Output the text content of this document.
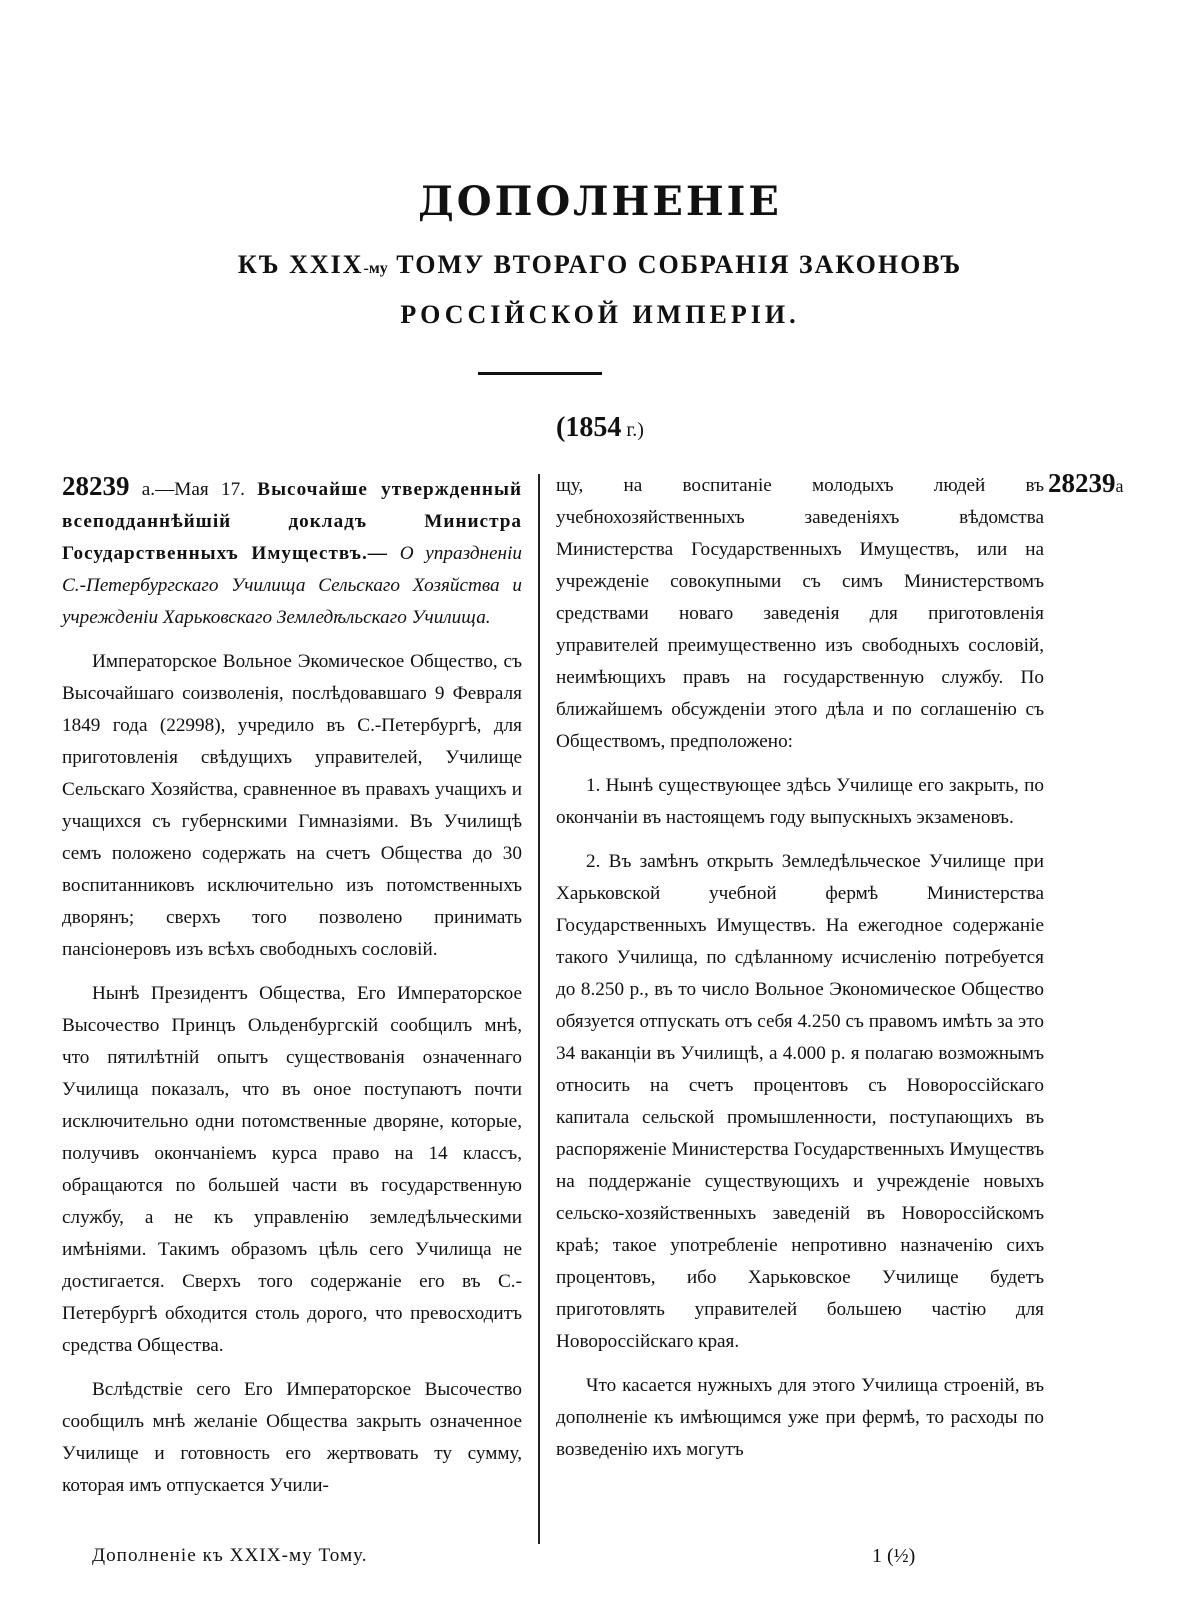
ДОПОЛНЕНІЕ
КЪ XXIX-му ТОМУ ВТОРАГО СОБРАНІЯ ЗАКОНОВЪ
РОССІЙСКОЙ ИМПЕРІИ.
(1854 г.)

28239 а.—Мая 17. Высочайше утвержденный всеподданнѣйшій докладъ Министра Государственныхъ Имуществъ.— О упраздненіи С.-Петербургскаго Училища Сельскаго Хозяйства и учрежденіи Харьковскаго Земледѣльскаго Училища.

Императорское Вольное Экомическое Общество, съ Высочайшаго соизволенія, послѣдовавшаго 9 Февраля 1849 года (22998), учредило въ С.-Петербургѣ, для приготовленія свѣдущихъ управителей, Училище Сельскаго Хозяйства, сравненное въ правахъ учащихъ и учащихся съ губернскими Гимназіями. Въ Училищѣ семъ положено содержать на счетъ Общества до 30 воспитанниковъ исключительно изъ потомственныхъ дворянъ; сверхъ того позволено принимать пансіонеровъ изъ всѣхъ свободныхъ сословій.

Нынѣ Президентъ Общества, Его Императорское Высочество Принцъ Ольденбургскій сообщилъ мнѣ, что пятилѣтній опытъ существованія означеннаго Училища показалъ, что въ оное поступаютъ почти исключительно одни потомственные дворяне, которые, получивъ окончаніемъ курса право на 14 классъ, обращаются по большей части въ государственную службу, а не къ управленію земледѣльческими имѣніями. Такимъ образомъ цѣль сего Училища не достигается. Сверхъ того содержаніе его въ С.-Петербургѣ обходится столь дорого, что превосходитъ средства Общества.

Вслѣдствіе сего Его Императорское Высочество сообщилъ мнѣ желаніе Общества закрыть означенное Училище и готовность его жертвовать ту сумму, которая имъ отпускается Учили-

щу, на воспитаніе молодыхъ людей въ учебнохозяйственныхъ заведеніяхъ вѣдомства Министерства Государственныхъ Имуществъ, или на учрежденіе совокупными съ симъ Министерствомъ средствами новаго заведенія для приготовленія управителей преимущественно изъ свободныхъ сословій, неимѣющихъ правъ на государственную службу. По ближайшемъ обсужденіи этого дѣла и по соглашенію съ Обществомъ, предположено:

1. Нынѣ существующее здѣсь Училище его закрыть, по окончаніи въ настоящемъ году выпускныхъ экзаменовъ.

2. Въ замѣнъ открыть Земледѣльческое Училище при Харьковской учебной фермѣ Министерства Государственныхъ Имуществъ. На ежегодное содержаніе такого Училища, по сдѣланному исчисленію потребуется до 8.250 р., въ то число Вольное Экономическое Общество обязуется отпускать отъ себя 4.250 съ правомъ имѣть за это 34 ваканціи въ Училищѣ, а 4.000 р. я полагаю возможнымъ относить на счетъ процентовъ съ Новороссійскаго капитала сельской промышленности, поступающихъ въ распоряженіе Министерства Государственныхъ Имуществъ на поддержаніе существующихъ и учрежденіе новыхъ сельско-хозяйственныхъ заведеній въ Новороссійскомъ краѣ; такое употребленіе непротивно назначенію сихъ процентовъ, ибо Харьковское Училище будетъ приготовлять управителей большею частію для Новороссійскаго края.

Что касается нужныхъ для этого Училища строеній, въ дополненіе къ имѣющимся уже при фермѣ, то расходы по возведенію ихъ могутъ

28239a
Дополненіе къ XXIX-му Тому.	1 (½)
